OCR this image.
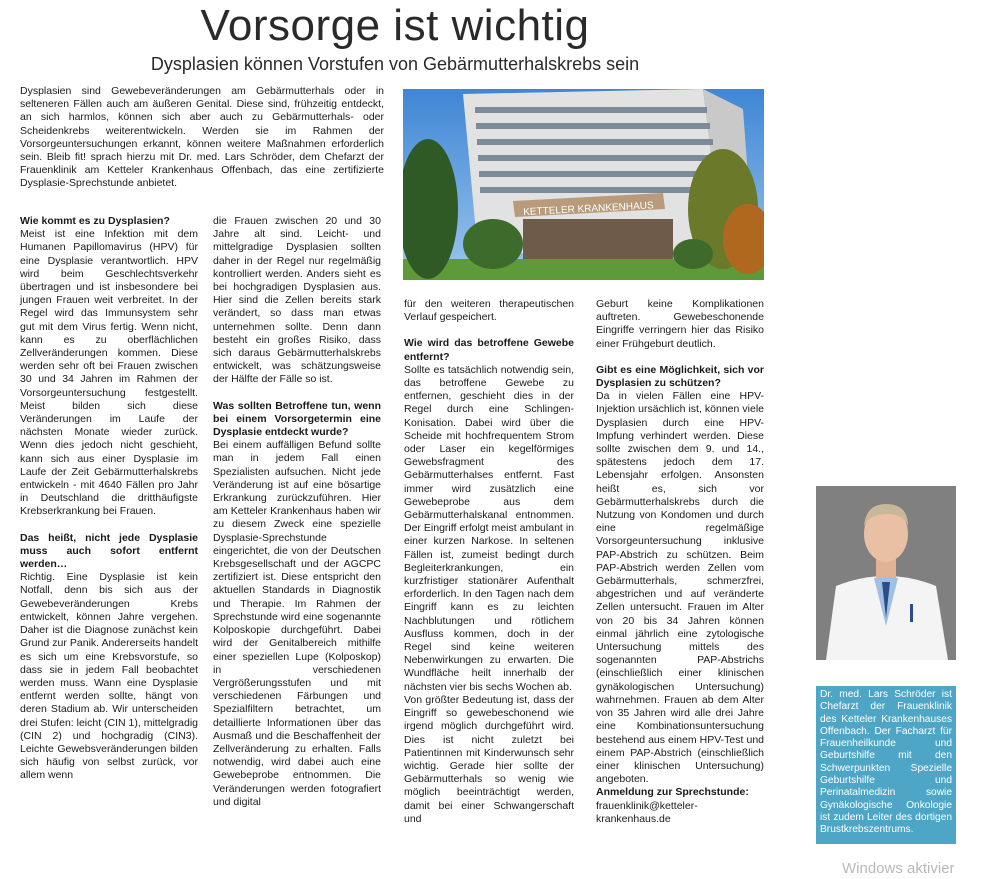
Vorsorge ist wichtig
Dysplasien können Vorstufen von Gebärmutterhalskrebs sein

Dysplasien sind Gewebeveränderungen am Gebärmutterhals oder in selteneren Fällen auch am äußeren Genital. Diese sind, frühzeitig entdeckt, an sich harmlos, können sich aber auch zu Gebärmutterhals- oder Scheidenkrebs weiterentwickeln. Werden sie im Rahmen der Vorsorgeuntersuchungen erkannt, können weitere Maßnahmen erforderlich sein. Bleib fit! sprach hierzu mit Dr. med. Lars Schröder, dem Chefarzt der Frauenklinik am Ketteler Krankenhaus Offenbach, das eine zertifizierte Dysplasie-Sprechstunde anbietet.

KETTELER KRANKENHAUS
Dr. med. Lars Schröder ist Chefarzt der Frauenklinik des Ketteler Krankenhauses Offenbach. Der Facharzt für Frauenheilkunde und Geburtshilfe mit den Schwerpunkten Spezielle Geburtshilfe und Perinatalmedizin sowie Gynäkologische Onkologie ist zudem Leiter des dortigen Brustkrebszentrums.
Wie kommt es zu Dysplasien?

Meist ist eine Infektion mit dem Humanen Papillomavirus (HPV) für eine Dysplasie verantwortlich. HPV wird beim Geschlechtsverkehr übertragen und ist insbesondere bei jungen Frauen weit verbreitet. In der Regel wird das Immunsystem sehr gut mit dem Virus fertig. Wenn nicht, kann es zu oberflächlichen Zellveränderungen kommen. Diese werden sehr oft bei Frauen zwischen 30 und 34 Jahren im Rahmen der Vorsorgeuntersuchung festgestellt. Meist bilden sich diese Veränderungen im Laufe der nächsten Monate wieder zurück. Wenn dies jedoch nicht geschieht, kann sich aus einer Dysplasie im Laufe der Zeit Gebärmutterhalskrebs entwickeln - mit 4640 Fällen pro Jahr in Deutschland die dritthäufigste Krebserkrankung bei Frauen.

Das heißt, nicht jede Dysplasie muss auch sofort entfernt werden…

Richtig. Eine Dysplasie ist kein Notfall, denn bis sich aus der Gewebeveränderungen Krebs entwickelt, können Jahre vergehen. Daher ist die Diagnose zunächst kein Grund zur Panik. Andererseits handelt es sich um eine Krebsvorstufe, so dass sie in jedem Fall beobachtet werden muss. Wann eine Dysplasie entfernt werden sollte, hängt von deren Stadium ab. Wir unterscheiden drei Stufen: leicht (CIN 1), mittelgradig (CIN 2) und hochgradig (CIN3). Leichte Gewebsveränderungen bilden sich häufig von selbst zurück, vor allem wenn

die Frauen zwischen 20 und 30 Jahre alt sind. Leicht- und mittelgradige Dysplasien sollten daher in der Regel nur regelmäßig kontrolliert werden. Anders sieht es bei hochgradigen Dysplasien aus. Hier sind die Zellen bereits stark verändert, so dass man etwas unternehmen sollte. Denn dann besteht ein großes Risiko, dass sich daraus Gebärmutterhalskrebs entwickelt, was schätzungsweise der Hälfte der Fälle so ist.

Was sollten Betroffene tun, wenn bei einem Vorsorgetermin eine Dysplasie entdeckt wurde?

Bei einem auffälligen Befund sollte man in jedem Fall einen Spezialisten aufsuchen. Nicht jede Veränderung ist auf eine bösartige Erkrankung zurückzuführen. Hier am Ketteler Krankenhaus haben wir zu diesem Zweck eine spezielle Dysplasie-Sprechstunde eingerichtet, die von der Deutschen Krebsgesellschaft und der AGCPC zertifiziert ist. Diese entspricht den aktuellen Standards in Diagnostik und Therapie. Im Rahmen der Sprechstunde wird eine sogenannte Kolposkopie durchgeführt. Dabei wird der Genitalbereich mithilfe einer speziellen Lupe (Kolposkop) in verschiedenen Vergrößerungsstufen und mit verschiedenen Färbungen und Spezialfiltern betrachtet, um detaillierte Informationen über das Ausmaß und die Beschaffenheit der Zellveränderung zu erhalten. Falls notwendig, wird dabei auch eine Gewebeprobe entnommen. Die Veränderungen werden fotografiert und digital

für den weiteren therapeutischen Verlauf gespeichert.

Wie wird das betroffene Gewebe entfernt?

Sollte es tatsächlich notwendig sein, das betroffene Gewebe zu entfernen, geschieht dies in der Regel durch eine Schlingen-Konisation. Dabei wird über die Scheide mit hochfrequentem Strom oder Laser ein kegelförmiges Gewebsfragment des Gebärmutterhalses entfernt. Fast immer wird zusätzlich eine Gewebeprobe aus dem Gebärmutterhalskanal entnommen. Der Eingriff erfolgt meist ambulant in einer kurzen Narkose. In seltenen Fällen ist, zumeist bedingt durch Begleiterkrankungen, ein kurzfristiger stationärer Aufenthalt erforderlich. In den Tagen nach dem Eingriff kann es zu leichten Nachblutungen und rötlichem Ausfluss kommen, doch in der Regel sind keine weiteren Nebenwirkungen zu erwarten. Die Wundfläche heilt innerhalb der nächsten vier bis sechs Wochen ab.

Von größter Bedeutung ist, dass der Eingriff so gewebeschonend wie irgend möglich durchgeführt wird. Dies ist nicht zuletzt bei Patientinnen mit Kinderwunsch sehr wichtig. Gerade hier sollte der Gebärmutterhals so wenig wie möglich beeinträchtigt werden, damit bei einer Schwangerschaft und

Geburt keine Komplikationen auftreten. Gewebeschonende Eingriffe verringern hier das Risiko einer Frühgeburt deutlich.

Gibt es eine Möglichkeit, sich vor Dysplasien zu schützen?

Da in vielen Fällen eine HPV-Injektion ursächlich ist, können viele Dysplasien durch eine HPV-Impfung verhindert werden. Diese sollte zwischen dem 9. und 14., spätestens jedoch dem 17. Lebensjahr erfolgen. Ansonsten heißt es, sich vor Gebärmutterhalskrebs durch die Nutzung von Kondomen und durch eine regelmäßige Vorsorgeuntersuchung inklusive PAP-Abstrich zu schützen. Beim PAP-Abstrich werden Zellen vom Gebärmutterhals, schmerzfrei, abgestrichen und auf veränderte Zellen untersucht. Frauen im Alter von 20 bis 34 Jahren können einmal jährlich eine zytologische Untersuchung mittels des sogenannten PAP-Abstrichs (einschließlich einer klinischen gynäkologischen Untersuchung) wahrnehmen. Frauen ab dem Alter von 35 Jahren wird alle drei Jahre eine Kombinationsuntersuchung bestehend aus einem HPV-Test und einem PAP-Abstrich (einschließlich einer klinischen Untersuchung) angeboten.

Anmeldung zur Sprechstunde:
frauenklinik@ketteler-krankenhaus.de
Windows aktivier
